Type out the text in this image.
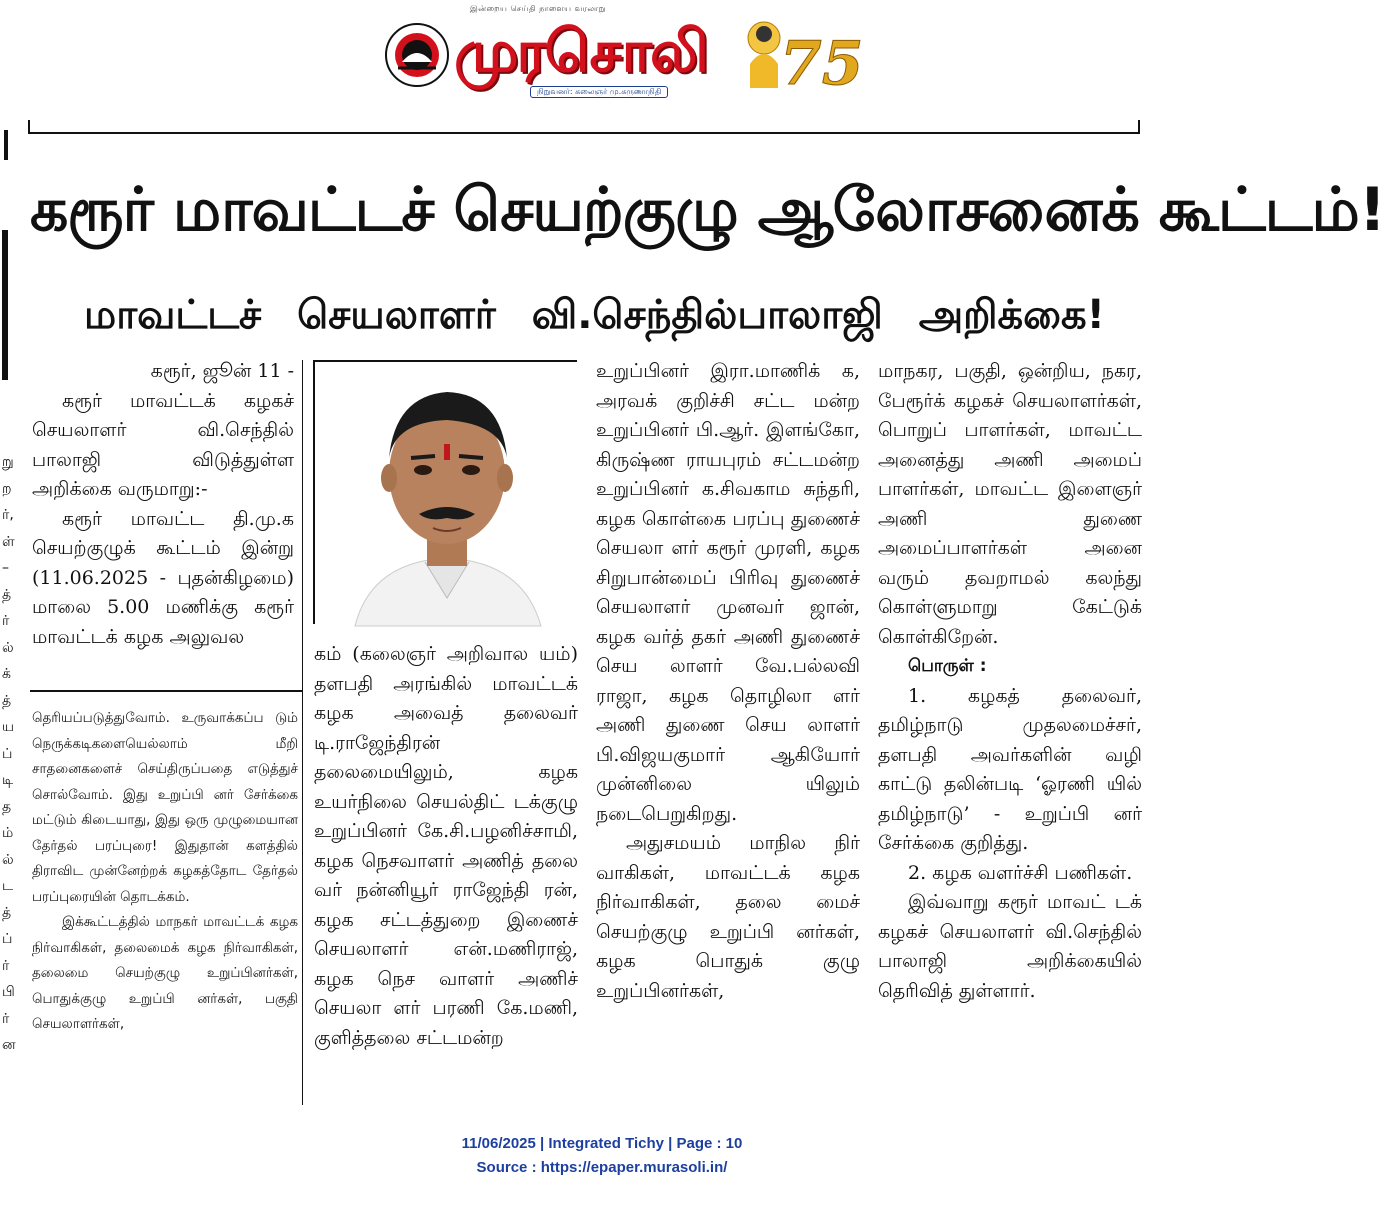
இன்றைய செய்தி நாளைய வரலாறு
முரசொலி
நிறுவனர்: கலைஞர் மு.கருணாநிதி 75
று
ற
ர்,
ள்
–
த்
ர்
ல்
க்
த்
ய
ப்
டி
த
ம்
ல்
ட
த்
ப்
ர்
பி
ர்
ன
கரூர் மாவட்டச் செயற்குழு ஆலோசனைக் கூட்டம்!
மாவட்டச் செயலாளர் வி.செந்தில்பாலாஜி அறிக்கை!

கரூர், ஜூன் 11 -

கரூர் மாவட்டக் கழகச் செயலாளர் வி.செந்தில் பாலாஜி விடுத்துள்ள அறிக்கை வருமாறு:-

கரூர் மாவட்ட தி.மு.க செயற்குழுக் கூட்டம் இன்று (11.06.2025 - புதன்கிழமை) மாலை 5.00 மணிக்கு கரூர் மாவட்டக் கழக அலுவல

தெரியப்படுத்துவோம். உருவாக்கப்ப டும் நெருக்கடிகளையெல்லாம் மீறி சாதனைகளைச் செய்திருப்பதை எடுத்துச் சொல்வோம். இது உறுப்பி னர் சேர்க்கை மட்டும் கிடையாது, இது ஒரு முழுமையான தேர்தல் பரப்புரை! இதுதான் களத்தில் திராவிட முன்னேற்றக் கழகத்தோட தேர்தல் பரப்புரையின் தொடக்கம்.

இக்கூட்டத்தில் மாநகர் மாவட்டக் கழக நிர்வாகிகள், தலைமைக் கழக நிர்வாகிகள், தலைமை செயற்குழு உறுப்பினர்கள், பொதுக்குழு உறுப்பி னர்கள், பகுதி செயலாளர்கள்,

கம் (கலைஞர் அறிவால யம்) தளபதி அரங்கில் மாவட்டக் கழக அவைத் தலைவர் டி.ராஜேந்திரன் தலைமையிலும், கழக உயர்நிலை செயல்திட் டக்குழு உறுப்பினர் கே.சி.பழனிச்சாமி, கழக நெசவாளர் அணித் தலை வர் நன்னியூர் ராஜேந்தி ரன், கழக சட்டத்துறை இணைச் செயலாளர் என்.மணிராஜ், கழக நெச வாளர் அணிச் செயலா ளர் பரணி கே.மணி, குளித்தலை சட்டமன்ற

உறுப்பினர் இரா.மாணிக் க, அரவக் குறிச்சி சட்ட மன்ற உறுப்பினர் பி.ஆர். இளங்கோ, கிருஷ்ண ராயபுரம் சட்டமன்ற உறுப்பினர் க.சிவகாம சுந்தரி, கழக கொள்கை பரப்பு துணைச் செயலா ளர் கரூர் முரளி, கழக சிறுபான்மைப் பிரிவு துணைச் செயலாளர் முனவர் ஜான், கழக வர்த் தகர் அணி துணைச் செய லாளர் வே.பல்லவி ராஜா, கழக தொழிலா ளர் அணி துணை செய லாளர் பி.விஜயகுமார் ஆகியோர் முன்னிலை யிலும் நடைபெறுகிறது.

அதுசமயம் மாநில நிர் வாகிகள், மாவட்டக் கழக நிர்வாகிகள், தலை மைச் செயற்குழு உறுப்பி னர்கள், கழக பொதுக் குழு உறுப்பினர்கள்,

மாநகர, பகுதி, ஒன்றிய, நகர, பேரூர்க் கழகச் செயலாளர்கள், பொறுப் பாளர்கள், மாவட்ட அனைத்து அணி அமைப் பாளர்கள், மாவட்ட இளைஞர் அணி துணை அமைப்பாளர்கள் அனை வரும் தவறாமல் கலந்து கொள்ளுமாறு கேட்டுக் கொள்கிறேன்.

பொருள் :

1. கழகத் தலைவர், தமிழ்நாடு முதலமைச்சர், தளபதி அவர்களின் வழி காட்டு தலின்படி ‘ஓரணி யில் தமிழ்நாடு’ - உறுப்பி னர் சேர்க்கை குறித்து.

2. கழக வளர்ச்சி பணிகள்.

இவ்வாறு கரூர் மாவட் டக் கழகச் செயலாளர் வி.செந்தில் பாலாஜி அறிக்கையில் தெரிவித் துள்ளார்.

11/06/2025 | Integrated Tichy | Page : 10
Source : https://epaper.murasoli.in/
